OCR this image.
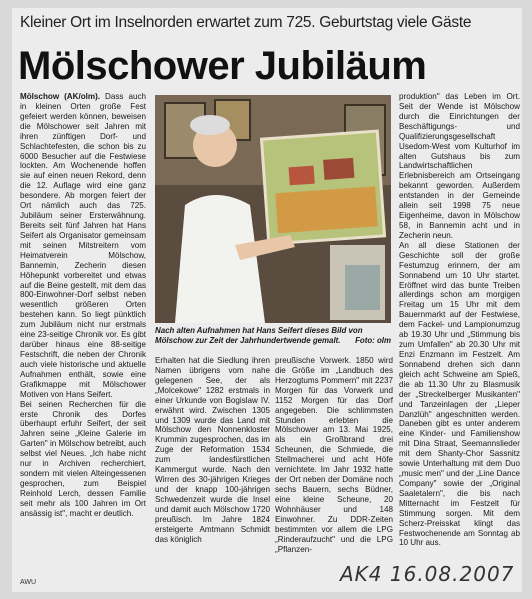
Kleiner Ort im Inselnorden erwartet zum 725. Geburtstag viele Gäste
Mölschower Jubiläum

Mölschow (AK/olm). Dass auch in kleinen Orten große Fest gefeiert werden können, beweisen die Mölschower seit Jahren mit ihren zünftigen Dorf- und Schlachtefesten, die schon bis zu 6000 Besucher auf die Festwiese lockten. Am Wochenende hoffen sie auf einen neuen Rekord, denn die 12. Auflage wird eine ganz besondere. Ab morgen feiert der Ort nämlich auch das 725. Jubiläum seiner Ersterwähnung. Bereits seit fünf Jahren hat Hans Seifert als Organisator gemeinsam mit seinen Mitstreitern vom Heimatverein Mölschow, Bannemin, Zecherin diesen Höhepunkt vorbereitet und etwas auf die Beine gestellt, mit dem das 800-Einwohner-Dorf selbst neben wesentlich größeren Orten bestehen kann. So liegt pünktlich zum Jubiläum nicht nur erstmals eine 23-seitige Chronik vor. Es gibt darüber hinaus eine 88-seitige Festschrift, die neben der Chronik auch viele historische und aktuelle Aufnahmen enthält, sowie eine Grafikmappe mit Mölschower Motiven von Hans Seifert.

Bei seinen Recherchen für die erste Chronik des Dorfes überhaupt erfuhr Seifert, der seit Jahren seine „Kleine Galerie im Garten" in Mölschow betreibt, auch selbst viel Neues. „Ich habe nicht nur in Archiven recherchiert, sondern mit vielen Alteingessenen gesprochen, zum Beispiel Reinhold Lerch, dessen Familie seit mehr als 100 Jahren im Ort ansässig ist", macht er deutlich.

Nach alten Aufnahmen hat Hans Seifert dieses Bild von Mölschow zur Zeit der Jahrhundertwende gemalt. Foto: olm

Erhalten hat die Siedlung ihren Namen übrigens vom nahe gelegenen See, der als „Molcekowe" 1282 erstmals in einer Urkunde von Bogislaw IV. erwähnt wird. Zwischen 1305 und 1309 wurde das Land mit Mölschow den Nonnenkloster Krummin zugesprochen, das im Zuge der Reformation 1534 zum landesfürstlichen Kammergut wurde. Nach den Wirren des 30-jährigen Krieges und der knapp 100-jährigen Schwedenzeit wurde die Insel und damit auch Mölschow 1720 preußisch. Im Jahre 1824 ersteigerte Amtmann Schmidt das königlich

preußische Vorwerk. 1850 wird die Größe im „Landbuch des Herzogtums Pommern" mit 2237 Morgen für das Vorwerk und 1152 Morgen für das Dorf angegeben. Die schlimmsten Stunden erlebten die Mölschower am 13. Mai 1925, als ein Großbrand drei Scheunen, die Schmiede, die Stellmacherei und acht Höfe vernichtete. Im Jahr 1932 hatte der Ort neben der Domäne noch sechs Bauern, sechs Büdner, eine kleine Scheune, 20 Wohnhäuser und 148 Einwohner. Zu DDR-Zeiten bestimmten vor allem die LPG „Rinderaufzucht" und die LPG „Pflanzen-

produktion" das Leben im Ort. Seit der Wende ist Mölschow durch die Einrichtungen der Beschäftigungs- und Qualifizierungsgesellschaft Usedom-West vom Kulturhof im alten Gutshaus bis zum Landwirtschaftlichen Erlebnisbereich am Ortseingang bekannt geworden. Außerdem entstanden in der Gemeinde allein seit 1998 75 neue Eigenheime, davon in Mölschow 58, in Bannemin acht und in Zecherin neun.

An all diese Stationen der Geschichte soll der große Festumzug erinnern, der am Sonnabend um 10 Uhr startet. Eröffnet wird das bunte Treiben allerdings schon am morgigen Freitag um 15 Uhr mit dem Bauernmarkt auf der Festwiese, dem Fackel- und Lampionumzug ab 19.30 Uhr und „Stimmung bis zum Umfallen" ab 20.30 Uhr mit Enzi Enzmann im Festzelt. Am Sonnabend drehen sich dann gleich acht Schweine am Spieß, die ab 11.30 Uhr zu Blasmusik der „Streckelberger Musikanten" und Tanzeinlagen der „Lieper Danzlüh" angeschnitten werden. Daneben gibt es unter anderem eine Kinder- und Familienshow mit Dina Straat, Seemannslieder mit dem Shanty-Chor Sassnitz sowie Unterhaltung mit dem Duo „music men" und der „Line Dance Company" sowie der „Original Saaletalern", die bis nach Mitternacht im Festzelt für Stimmung sorgen. Mit dem Scherz-Preisskat klingt das Festwochenende am Sonntag ab 10 Uhr aus.

AWU	AK4 16.08.2007
